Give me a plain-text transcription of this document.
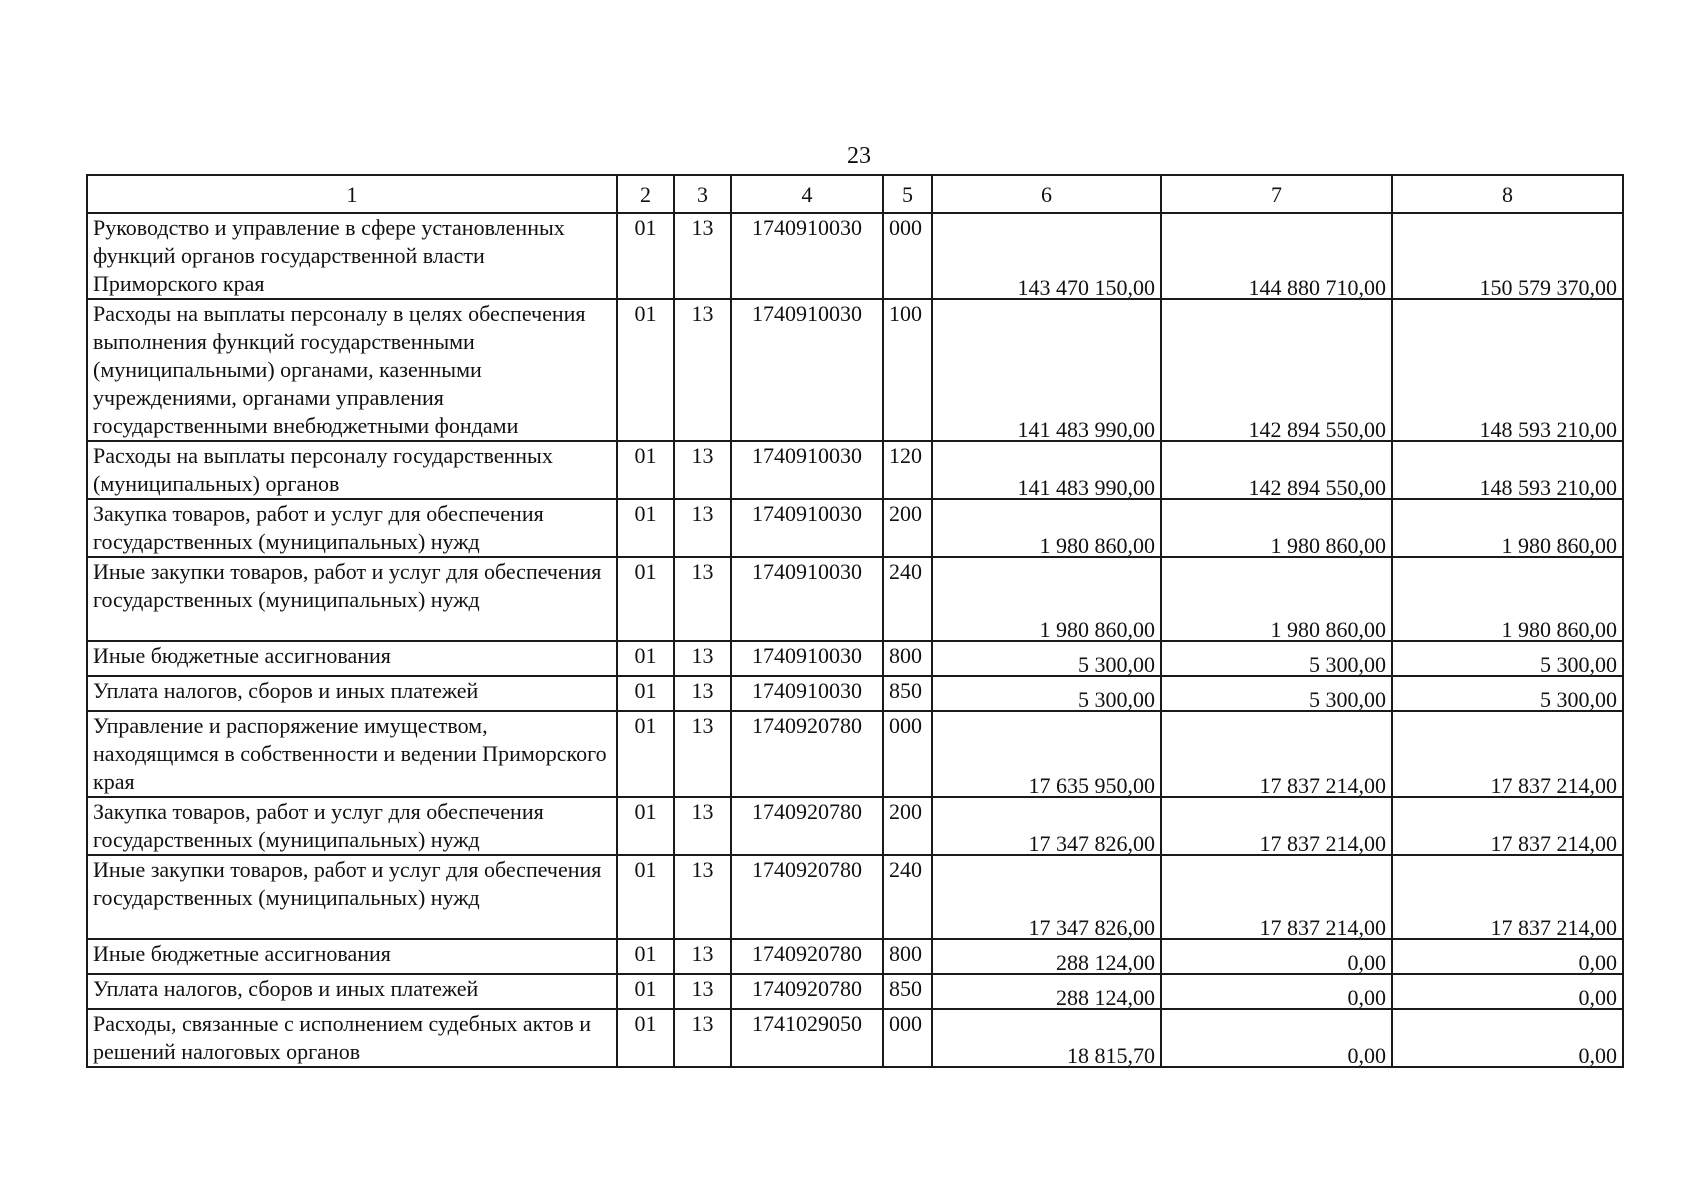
23
1	2	3	4	5	6	7	8
Руководство и управление в сфере установленных функций органов государственной власти Приморского края	01	13	1740910030	000	143 470 150,00	144 880 710,00	150 579 370,00
Расходы на выплаты персоналу в целях обеспечения выполнения функций государственными (муниципальными) органами, казенными учреждениями, органами управления государственными внебюджетными фондами	01	13	1740910030	100	141 483 990,00	142 894 550,00	148 593 210,00
Расходы на выплаты персоналу государственных (муниципальных) органов	01	13	1740910030	120	141 483 990,00	142 894 550,00	148 593 210,00
Закупка товаров, работ и услуг для обеспечения государственных (муниципальных) нужд	01	13	1740910030	200	1 980 860,00	1 980 860,00	1 980 860,00
Иные закупки товаров, работ и услуг для обеспечения государственных (муниципальных) нужд	01	13	1740910030	240	1 980 860,00	1 980 860,00	1 980 860,00
Иные бюджетные ассигнования	01	13	1740910030	800	5 300,00	5 300,00	5 300,00
Уплата налогов, сборов и иных платежей	01	13	1740910030	850	5 300,00	5 300,00	5 300,00
Управление и распоряжение имуществом, находящимся в собственности и ведении Приморского края	01	13	1740920780	000	17 635 950,00	17 837 214,00	17 837 214,00
Закупка товаров, работ и услуг для обеспечения государственных (муниципальных) нужд	01	13	1740920780	200	17 347 826,00	17 837 214,00	17 837 214,00
Иные закупки товаров, работ и услуг для обеспечения государственных (муниципальных) нужд	01	13	1740920780	240	17 347 826,00	17 837 214,00	17 837 214,00
Иные бюджетные ассигнования	01	13	1740920780	800	288 124,00	0,00	0,00
Уплата налогов, сборов и иных платежей	01	13	1740920780	850	288 124,00	0,00	0,00
Расходы, связанные с исполнением судебных актов и решений налоговых органов	01	13	1741029050	000	18 815,70	0,00	0,00
